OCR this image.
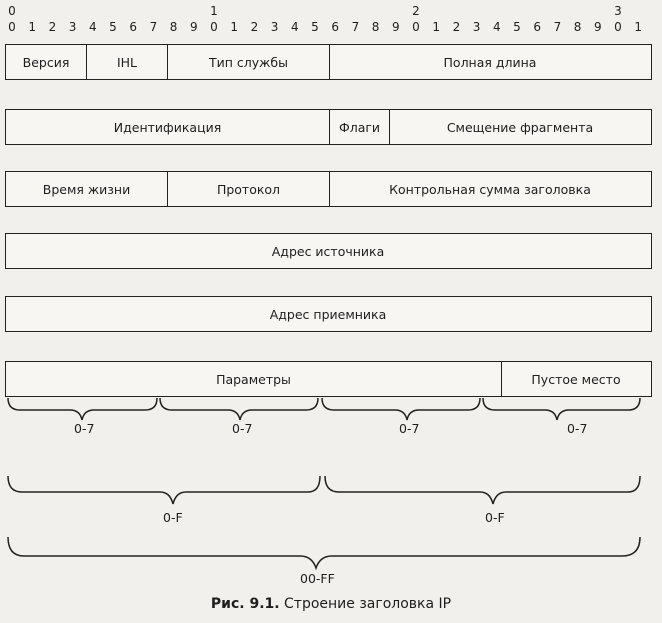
0	1	2	3
0 1 2 3 4 5 6 7 8 9 0 1 2 3 4 5 6 7 8 9 0 1 2 3 4 5 6 7 8 9 0 1
Версия	IHL	Тип службы	Полная длина
Идентификация	Флаги	Смещение фрагмента
Время жизни	Протокол	Контрольная сумма заголовка
Адрес источника
Адрес приемника
Параметры	Пустое место
0-7	0-7	0-7	0-7
0-F	0-F
00-FF
Рис. 9.1. Строение заголовка IP
